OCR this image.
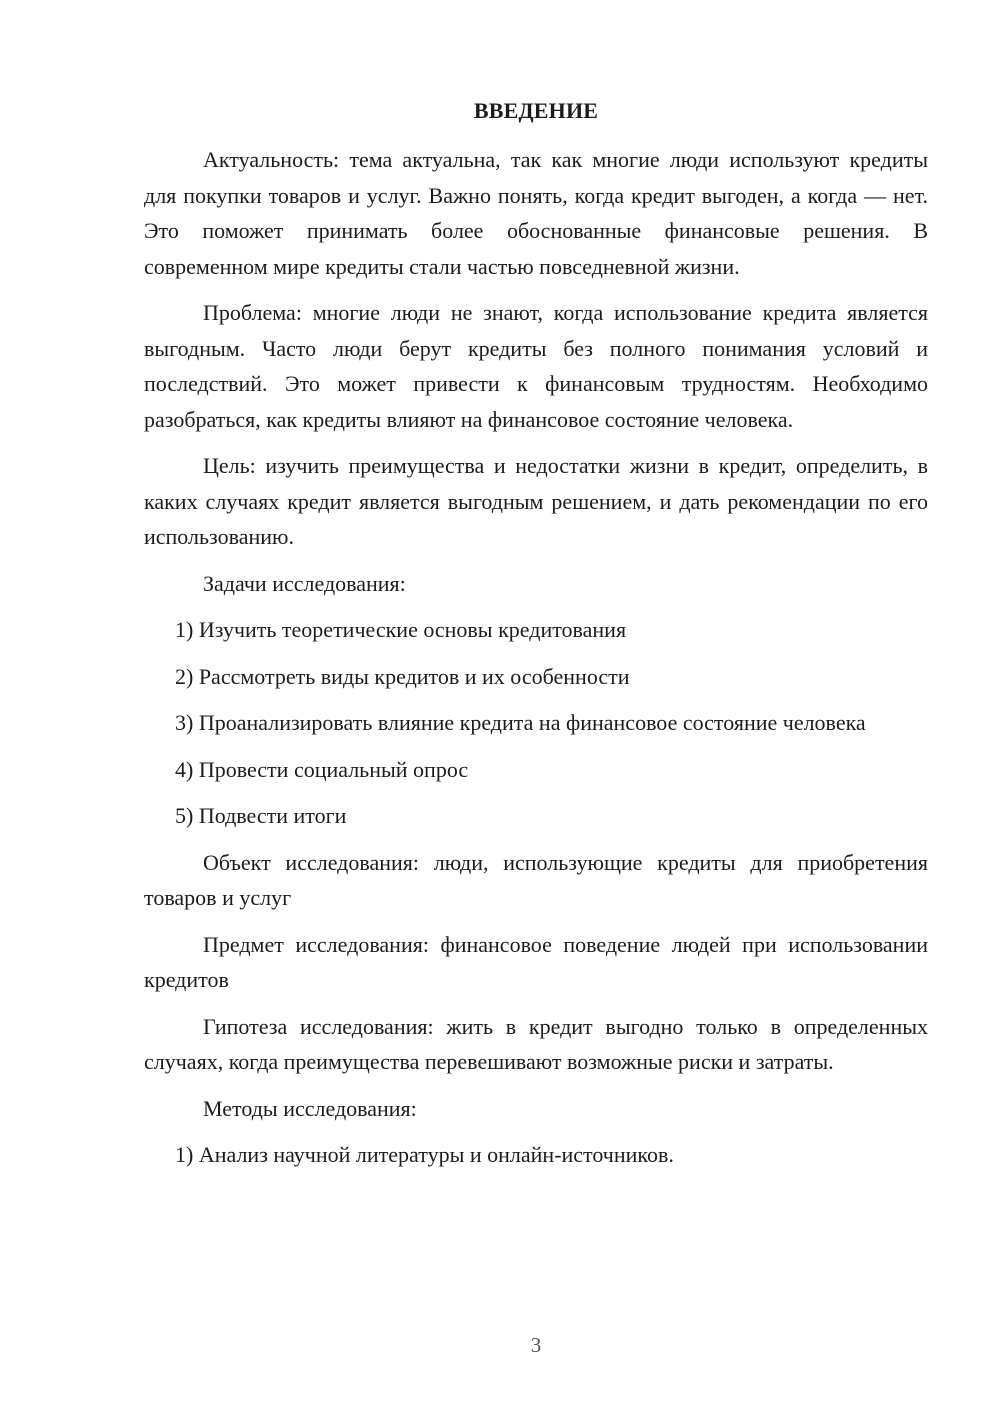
ВВЕДЕНИЕ

Актуальность: тема актуальна, так как многие люди используют кредиты для покупки товаров и услуг. Важно понять, когда кредит выгоден, а когда — нет. Это поможет принимать более обоснованные финансовые решения. В современном мире кредиты стали частью повседневной жизни.

Проблема: многие люди не знают, когда использование кредита является выгодным. Часто люди берут кредиты без полного понимания условий и последствий. Это может привести к финансовым трудностям. Необходимо разобраться, как кредиты влияют на финансовое состояние человека.

Цель: изучить преимущества и недостатки жизни в кредит, определить, в каких случаях кредит является выгодным решением, и дать рекомендации по его использованию.

Задачи исследования:

1) Изучить теоретические основы кредитования

2) Рассмотреть виды кредитов и их особенности

3) Проанализировать влияние кредита на финансовое состояние человека

4) Провести социальный опрос

5) Подвести итоги

Объект исследования: люди, использующие кредиты для приобретения товаров и услуг

Предмет исследования: финансовое поведение людей при использовании кредитов

Гипотеза исследования: жить в кредит выгодно только в определенных случаях, когда преимущества перевешивают возможные риски и затраты.

Методы исследования:

1) Анализ научной литературы и онлайн-источников.

3
